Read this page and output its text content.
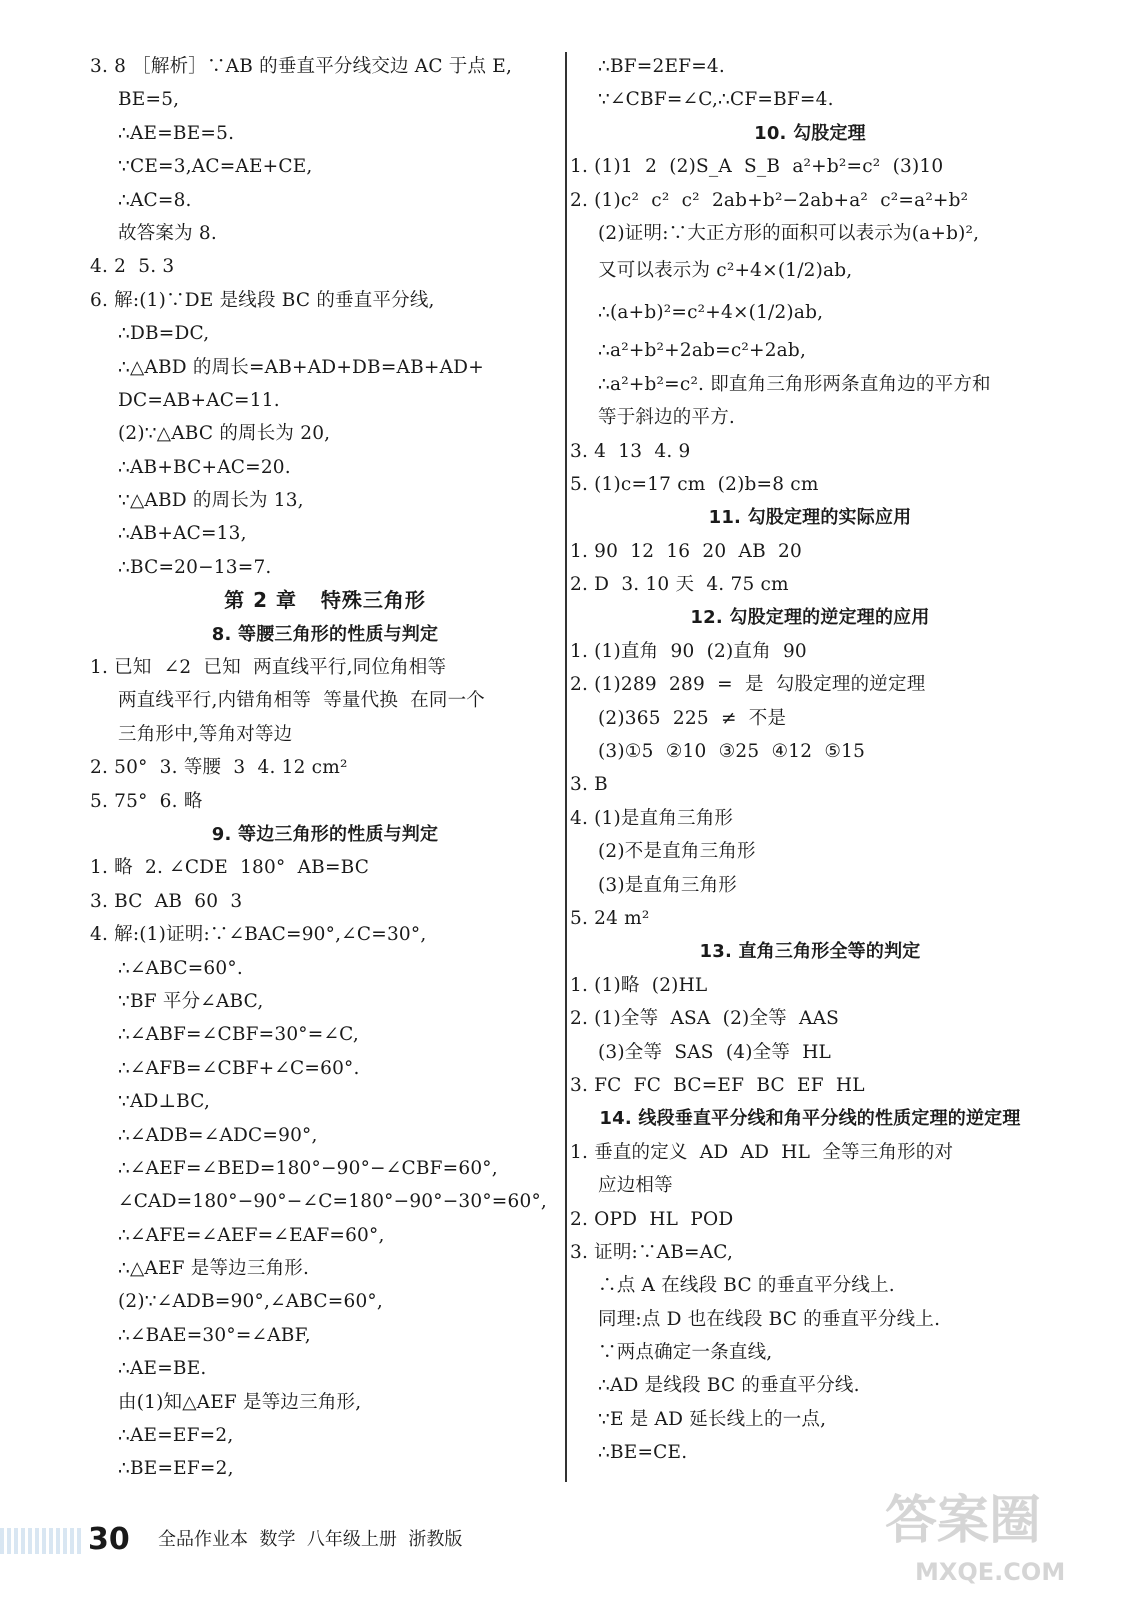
3. 8 ［解析］∵AB 的垂直平分线交边 AC 于点 E,
BE=5,
∴AE=BE=5.
∵CE=3,AC=AE+CE,
∴AC=8.
故答案为 8.
4. 2  5. 3
6. 解:(1)∵DE 是线段 BC 的垂直平分线,
∴DB=DC,
∴△ABD 的周长=AB+AD+DB=AB+AD+
DC=AB+AC=11.
(2)∵△ABC 的周长为 20,
∴AB+BC+AC=20.
∵△ABD 的周长为 13,
∴AB+AC=13,
∴BC=20−13=7.
第 2 章   特殊三角形
8. 等腰三角形的性质与判定
1. 已知  ∠2  已知  两直线平行,同位角相等
两直线平行,内错角相等  等量代换  在同一个
三角形中,等角对等边
2. 50°  3. 等腰  3  4. 12 cm²
5. 75°  6. 略
9. 等边三角形的性质与判定
1. 略  2. ∠CDE  180°  AB=BC
3. BC  AB  60  3
4. 解:(1)证明:∵∠BAC=90°,∠C=30°,
∴∠ABC=60°.
∵BF 平分∠ABC,
∴∠ABF=∠CBF=30°=∠C,
∴∠AFB=∠CBF+∠C=60°.
∵AD⊥BC,
∴∠ADB=∠ADC=90°,
∴∠AEF=∠BED=180°−90°−∠CBF=60°,
∠CAD=180°−90°−∠C=180°−90°−30°=60°,
∴∠AFE=∠AEF=∠EAF=60°,
∴△AEF 是等边三角形.
(2)∵∠ADB=90°,∠ABC=60°,
∴∠BAE=30°=∠ABF,
∴AE=BE.
由(1)知△AEF 是等边三角形,
∴AE=EF=2,
∴BE=EF=2,
∴BF=2EF=4.
∵∠CBF=∠C,∴CF=BF=4.
10. 勾股定理
1. (1)1  2  (2)S_A  S_B  a²+b²=c²  (3)10
2. (1)c²  c²  c²  2ab+b²−2ab+a²  c²=a²+b²
(2)证明:∵大正方形的面积可以表示为(a+b)²,
又可以表示为 c²+4×(1/2)ab,
∴(a+b)²=c²+4×(1/2)ab,
∴a²+b²+2ab=c²+2ab,
∴a²+b²=c². 即直角三角形两条直角边的平方和
等于斜边的平方.
3. 4  13  4. 9
5. (1)c=17 cm  (2)b=8 cm
11. 勾股定理的实际应用
1. 90  12  16  20  AB  20
2. D  3. 10 天  4. 75 cm
12. 勾股定理的逆定理的应用
1. (1)直角  90  (2)直角  90
2. (1)289  289  =  是  勾股定理的逆定理
(2)365  225  ≠  不是
(3)①5  ②10  ③25  ④12  ⑤15
3. B
4. (1)是直角三角形
(2)不是直角三角形
(3)是直角三角形
5. 24 m²
13. 直角三角形全等的判定
1. (1)略  (2)HL
2. (1)全等  ASA  (2)全等  AAS
(3)全等  SAS  (4)全等  HL
3. FC  FC  BC=EF  BC  EF  HL
14. 线段垂直平分线和角平分线的性质定理的逆定理
1. 垂直的定义  AD  AD  HL  全等三角形的对
应边相等
2. OPD  HL  POD
3. 证明:∵AB=AC,
∴点 A 在线段 BC 的垂直平分线上.
同理:点 D 也在线段 BC 的垂直平分线上.
∵两点确定一条直线,
∴AD 是线段 BC 的垂直平分线.
∵E 是 AD 延长线上的一点,
∴BE=CE.
30 全品作业本  数学  八年级上册  浙教版	答案圈
MXQE.COM
